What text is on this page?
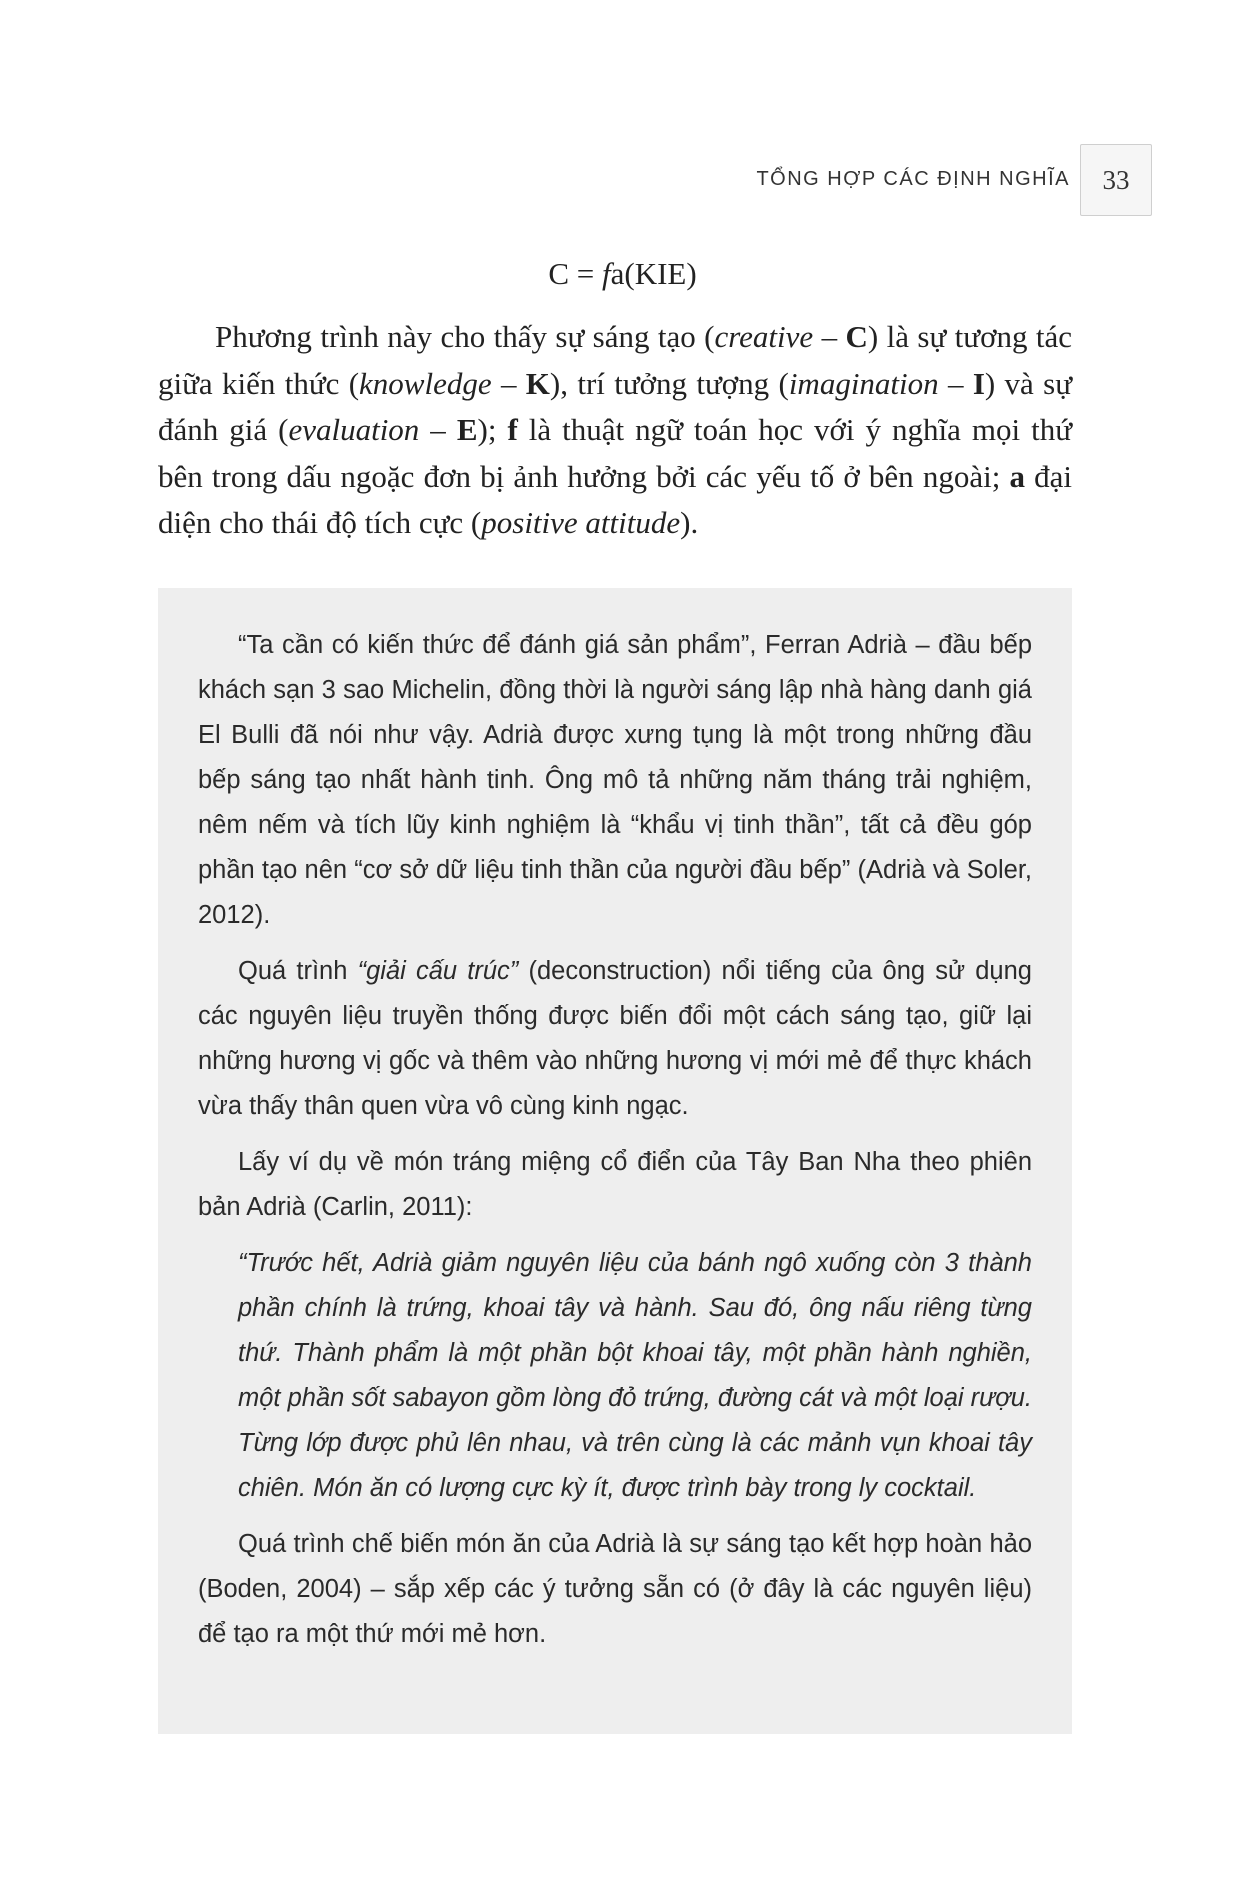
TỔNG HỢP CÁC ĐỊNH NGHĨA 33
C = fa(KIE)

Phương trình này cho thấy sự sáng tạo (creative – C) là sự tương tác giữa kiến thức (knowledge – K), trí tưởng tượng (imagination – I) và sự đánh giá (evaluation – E); f là thuật ngữ toán học với ý nghĩa mọi thứ bên trong dấu ngoặc đơn bị ảnh hưởng bởi các yếu tố ở bên ngoài; a đại diện cho thái độ tích cực (positive attitude).

“Ta cần có kiến thức để đánh giá sản phẩm”, Ferran Adrià – đầu bếp khách sạn 3 sao Michelin, đồng thời là người sáng lập nhà hàng danh giá El Bulli đã nói như vậy. Adrià được xưng tụng là một trong những đầu bếp sáng tạo nhất hành tinh. Ông mô tả những năm tháng trải nghiệm, nêm nếm và tích lũy kinh nghiệm là “khẩu vị tinh thần”, tất cả đều góp phần tạo nên “cơ sở dữ liệu tinh thần của người đầu bếp” (Adrià và Soler, 2012).

Quá trình “giải cấu trúc” (deconstruction) nổi tiếng của ông sử dụng các nguyên liệu truyền thống được biến đổi một cách sáng tạo, giữ lại những hương vị gốc và thêm vào những hương vị mới mẻ để thực khách vừa thấy thân quen vừa vô cùng kinh ngạc.

Lấy ví dụ về món tráng miệng cổ điển của Tây Ban Nha theo phiên bản Adrià (Carlin, 2011):

“Trước hết, Adrià giảm nguyên liệu của bánh ngô xuống còn 3 thành phần chính là trứng, khoai tây và hành. Sau đó, ông nấu riêng từng thứ. Thành phẩm là một phần bột khoai tây, một phần hành nghiền, một phần sốt sabayon gồm lòng đỏ trứng, đường cát và một loại rượu. Từng lớp được phủ lên nhau, và trên cùng là các mảnh vụn khoai tây chiên. Món ăn có lượng cực kỳ ít, được trình bày trong ly cocktail.

Quá trình chế biến món ăn của Adrià là sự sáng tạo kết hợp hoàn hảo (Boden, 2004) – sắp xếp các ý tưởng sẵn có (ở đây là các nguyên liệu) để tạo ra một thứ mới mẻ hơn.
